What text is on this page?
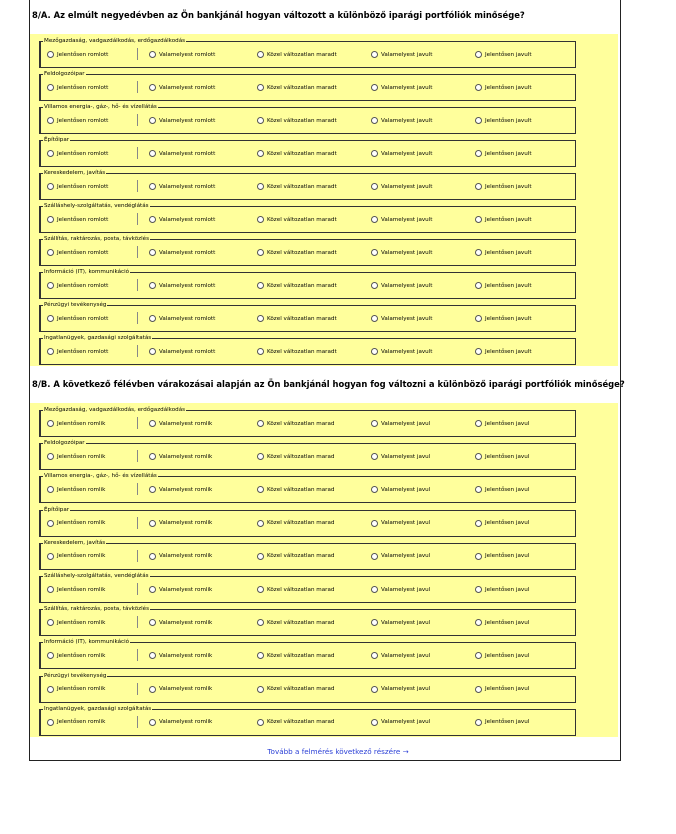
8/A. Az elmúlt negyedévben az Ön bankjánál hogyan változott a különböző iparági portfóliók minősége?
8/B. A következő félévben várakozásai alapján az Ön bankjánál hogyan fog változni a különböző iparági portfóliók minősége?
Tovább a felmérés következő részére →
Mezőgazdaság, vadgazdálkodás, erdőgazdálkodás
Jelentősen romlott	Valamelyest romlott	Közel változatlan maradt	Valamelyest javult	Jelentősen javult
Feldolgozóipar
Jelentősen romlott	Valamelyest romlott	Közel változatlan maradt	Valamelyest javult	Jelentősen javult
Villamos energia-, gáz-, hő- és vízellátás
Jelentősen romlott	Valamelyest romlott	Közel változatlan maradt	Valamelyest javult	Jelentősen javult
Építőipar
Jelentősen romlott	Valamelyest romlott	Közel változatlan maradt	Valamelyest javult	Jelentősen javult
Kereskedelem, javítás
Jelentősen romlott	Valamelyest romlott	Közel változatlan maradt	Valamelyest javult	Jelentősen javult
Szálláshely-szolgáltatás, vendéglátás
Jelentősen romlott	Valamelyest romlott	Közel változatlan maradt	Valamelyest javult	Jelentősen javult
Szállítás, raktározás, posta, távközlés
Jelentősen romlott	Valamelyest romlott	Közel változatlan maradt	Valamelyest javult	Jelentősen javult
Információ (IT), kommunikáció
Jelentősen romlott	Valamelyest romlott	Közel változatlan maradt	Valamelyest javult	Jelentősen javult
Pénzügyi tevékenység
Jelentősen romlott	Valamelyest romlott	Közel változatlan maradt	Valamelyest javult	Jelentősen javult
Ingatlanügyek, gazdasági szolgáltatás
Jelentősen romlott	Valamelyest romlott	Közel változatlan maradt	Valamelyest javult	Jelentősen javult
Mezőgazdaság, vadgazdálkodás, erdőgazdálkodás
Jelentősen romlik	Valamelyest romlik	Közel változatlan marad	Valamelyest javul	Jelentősen javul
Feldolgozóipar
Jelentősen romlik	Valamelyest romlik	Közel változatlan marad	Valamelyest javul	Jelentősen javul
Villamos energia-, gáz-, hő- és vízellátás
Jelentősen romlik	Valamelyest romlik	Közel változatlan marad	Valamelyest javul	Jelentősen javul
Építőipar
Jelentősen romlik	Valamelyest romlik	Közel változatlan marad	Valamelyest javul	Jelentősen javul
Kereskedelem, javítás
Jelentősen romlik	Valamelyest romlik	Közel változatlan marad	Valamelyest javul	Jelentősen javul
Szálláshely-szolgáltatás, vendéglátás
Jelentősen romlik	Valamelyest romlik	Közel változatlan marad	Valamelyest javul	Jelentősen javul
Szállítás, raktározás, posta, távközlés
Jelentősen romlik	Valamelyest romlik	Közel változatlan marad	Valamelyest javul	Jelentősen javul
Információ (IT), kommunikáció
Jelentősen romlik	Valamelyest romlik	Közel változatlan marad	Valamelyest javul	Jelentősen javul
Pénzügyi tevékenység
Jelentősen romlik	Valamelyest romlik	Közel változatlan marad	Valamelyest javul	Jelentősen javul
Ingatlanügyek, gazdasági szolgáltatás
Jelentősen romlik	Valamelyest romlik	Közel változatlan marad	Valamelyest javul	Jelentősen javul
